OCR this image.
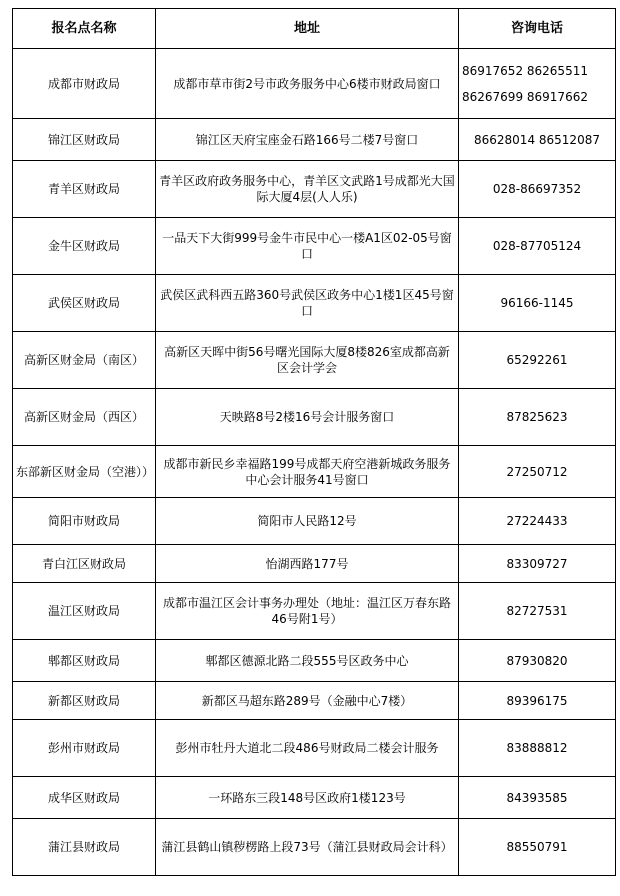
报名点名称	地址	咨询电话
成都市财政局	成都市草市街2号市政务服务中心6楼市财政局窗口	86917652 86265511
86267699 86917662

锦江区财政局	锦江区天府宝座金石路166号二楼7号窗口	86628014 86512087

青羊区财政局	青羊区政府政务服务中心，青羊区文武路1号成都光大国际大厦4层(人人乐)	028-86697352

金牛区财政局	一品天下大街999号金牛市民中心一楼A1区02-05号窗口	028-87705124

武侯区财政局	武侯区武科西五路360号武侯区政务中心1楼1区45号窗口	96166-1145

高新区财金局（南区）	高新区天晖中街56号曙光国际大厦8楼826室成都高新区会计学会	65292261

高新区财金局（西区）	天映路8号2楼16号会计服务窗口	87825623

东部新区财金局（空港））	成都市新民乡幸福路199号成都天府空港新城政务服务中心会计服务41号窗口	27250712

简阳市财政局	简阳市人民路12号	27224433

青白江区财政局	怡湖西路177号	83309727

温江区财政局	成都市温江区会计事务办理处（地址：温江区万春东路46号附1号）	82727531

郫都区财政局	郫都区德源北路二段555号区政务中心	87930820

新都区财政局	新都区马超东路289号（金融中心7楼）	89396175

彭州市财政局	彭州市牡丹大道北二段486号财政局二楼会计服务	83888812

成华区财政局	一环路东三段148号区政府1楼123号	84393585

蒲江县财政局	蒲江县鹤山镇秽楞路上段73号（蒲江县财政局会计科）	88550791
